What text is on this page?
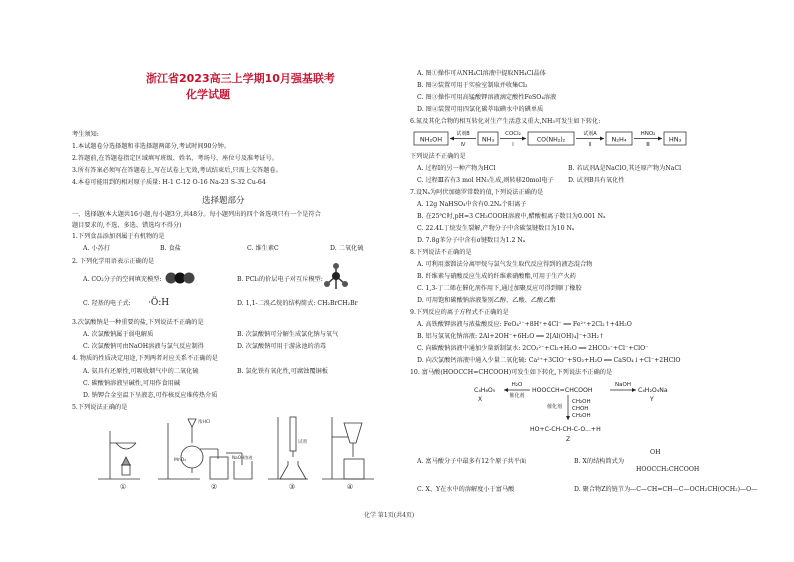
浙江省2023高三上学期10月强基联考
化学试题
考生须知:
1.本试题卷分选择题和非选择题两部分,考试时间90分钟。
2.答题前,在答题卷指定区域填写班级、姓名、考场号、座位号及准考证号。
3.所有答案必须写在答题卷上,写在试卷上无效,考试结束后,只需上交答题卷。
4.本卷可能用到的相对原子质量: H-1 C-12 O-16 Na-23 S-32 Cu-64
选择题部分
一、选择题(本大题共16小题,每小题3分,共48分。每小题列出的四个备选项只有一个是符合
题目要求的,不选、多选、错选均不得分)
1.下列食品添加剂属于有机物的是
A. 小苏打	B. 食盐	C. 维生素C	D. 二氧化硫
2. 下列化学用语表示正确的是
A. CO₂分子的空间填充模型:	B. PCl₃的价层电子对互斥模型:
C. 羟基的电子式: ·Ö:H	D. 1,1-二溴乙烷的结构简式: CH₂BrCH₂Br
3.次氯酸钠是一种重要的盐,下列说法不正确的是
A. 次氯酸钠属于弱电解质	B. 次氯酸钠可分解生成氯化钠与氧气
C. 次氯酸钠可由NaOH溶液与氯气反应制得	D. 次氯酸钠可用于游泳池的消毒
4. 物质的性质决定用途,下列两者对应关系不正确的是
A. 氨具有还原性,可吸收烟气中的二氧化硫	B. 氯化铁有氧化性,可腐蚀覆铜板
C. 碳酸钠溶液呈碱性,可用作食用碱
D. 钠钾合金室温下呈液态,可作核反应堆传热介质
5.下列说法正确的是
①
浓HCl
MnO₂
NaOH溶液
②
试剂
③	④
A. 图①操作可从NH₄Cl溶液中提取NH₄Cl晶体
B. 图②装置可用于实验室制取并收集Cl₂
C. 图③操作可用高锰酸钾溶液滴定酸性FeSO₄溶液
D. 图④装置可用四氯化碳萃取碘水中的碘单质
6.氮及其化合物的相互转化对生产生活意义重大,NH₃可发生如下转化:
NH₂OH
试剂B
Ⅳ
NH₃
COCl₂
Ⅰ
CO(NH₂)₂
试剂A
Ⅱ
N₂H₄
HNO₂
Ⅲ
HN₃
下列说法不正确的是
A. 过程Ⅰ的另一种产物为HCl	B. 若试剂A是NaClO,其还原产物为NaCl
C. 过程Ⅲ若有3 mol HN₃生成,则转移20mol电子 D. 试剂B具有氧化性
7.设Nₐ为阿伏加德罗常数的值,下列说法正确的是
A. 12g NaHSO₄中含有0.2Nₐ个阳离子
B. 在25℃时,pH=3 CH₃COOH溶液中,醋酸根离子数目为0.001 Nₐ
C. 22.4L丁烷发生裂解,产物分子中含碳氢键数目为10 Nₐ
D. 7.8g苯分子中含有σ键数目为1.2 Nₐ
8.下列说法不正确的是
A. 可利用蒸馏法分离甲烷与氯气发生取代反应得到的液态混合物
B. 纤维素与硝酸反应生成的纤维素硝酸酯,可用于生产火药
C. 1,3-丁二烯在催化剂作用下,通过加聚反应可得到顺丁橡胶
D. 可用饱和碳酸钠溶液鉴别乙醇、乙酸、乙酸乙酯
9.下列反应的离子方程式不正确的是
A. 高铁酸钾溶液与浓盐酸反应: FeO₄²⁻+8H⁺+4Cl⁻ ══ Fe²⁺+2Cl₂↑+4H₂O
B. 铝与氢氧化钠溶液: 2Al+2OH⁻+6H₂O ══ 2[Al(OH)₄]⁻+3H₂↑
C. 向碳酸钠溶液中通加少量新制氯水: 2CO₃²⁻+Cl₂+H₂O ══ 2HCO₃⁻+Cl⁻+ClO⁻
D. 向次氯酸钙溶液中通入少量二氧化硫: Ca²⁺+3ClO⁻+SO₂+H₂O ══ CaSO₄↓+Cl⁻+2HClO
10. 富马酸(HOOCCH=CHCOOH)可发生如下转化,下列说法不正确的是
C₄H₆O₅
X
H₂O
催化剂
HOOCCH=CHCOOH
NaOH
C₄H₂O₄Na
Y
催化剂
CH₂OH
CHOH
CH₂OH
HO+C-CH-CH-C-O...+H
Z
A. 富马酸分子中最多有12个原子共平面	B. X的结构简式为
OH
HOOCCH₂CHCOOH
C. X、Y在水中的溶解度小于富马酸	D. 聚合物Z的链节为 —C—CH=CH—C—OCH₂CH(OCH₂)—O—
化学 第1页(共4页)
